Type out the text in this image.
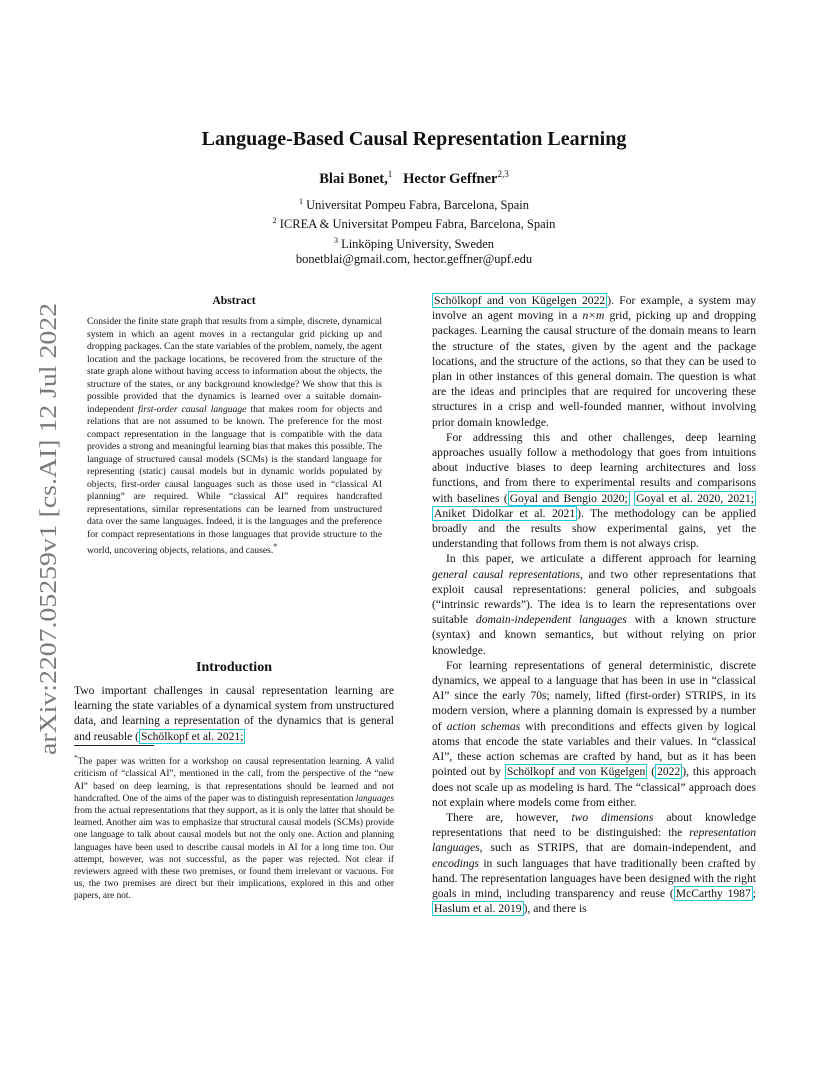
arXiv:2207.05259v1 [cs.AI] 12 Jul 2022
Language-Based Causal Representation Learning
Blai Bonet,$^1$ Hector Geffner$^{2,3}$
$^1$ Universitat Pompeu Fabra, Barcelona, Spain
$^2$ ICREA & Universitat Pompeu Fabra, Barcelona, Spain
$^3$ Linköping University, Sweden
bonetblai@gmail.com, hector.geffner@upf.edu
Abstract
Consider the finite state graph that results from a simple, discrete, dynamical system in which an agent moves in a rectangular grid picking up and dropping packages. Can the state variables of the problem, namely, the agent location and the package locations, be recovered from the structure of the state graph alone without having access to information about the objects, the structure of the states, or any background knowledge? We show that this is possible provided that the dynamics is learned over a suitable domain-independent first-order causal language that makes room for objects and relations that are not assumed to be known. The preference for the most compact representation in the language that is compatible with the data provides a strong and meaningful learning bias that makes this possible. The language of structured causal models (SCMs) is the standard language for representing (static) causal models but in dynamic worlds populated by objects, first-order causal languages such as those used in “classical AI planning” are required. While “classical AI” requires handcrafted representations, similar representations can be learned from unstructured data over the same languages. Indeed, it is the languages and the preference for compact representations in those languages that provide structure to the world, uncovering objects, relations, and causes.*
Introduction
Two important challenges in causal representation learning are learning the state variables of a dynamical system from unstructured data, and learning a representation of the dynamics that is general and reusable ( Schölkopf et al. 2021;
*The paper was written for a workshop on causal representation learning. A valid criticism of “classical AI”, mentioned in the call, from the perspective of the “new AI” based on deep learning, is that representations should be learned and not handcrafted. One of the aims of the paper was to distinguish representation languages from the actual representations that they support, as it is only the latter that should be learned. Another aim was to emphasize that structural causal models (SCMs) provide one language to talk about causal models but not the only one. Action and planning languages have been used to describe causal models in AI for a long time too. Our attempt, however, was not successful, as the paper was rejected. Not clear if reviewers agreed with these two premises, or found them irrelevant or vacuous. For us, the two premises are direct but their implications, explored in this and other papers, are not.

Schölkopf and von Kügelgen 2022 ). For example, a system may involve an agent moving in a n×m grid, picking up and dropping packages. Learning the causal structure of the domain means to learn the structure of the states, given by the agent and the package locations, and the structure of the actions, so that they can be used to plan in other instances of this general domain. The question is what are the ideas and principles that are required for uncovering these structures in a crisp and well-founded manner, without involving prior domain knowledge.

For addressing this and other challenges, deep learning approaches usually follow a methodology that goes from intuitions about inductive biases to deep learning architectures and loss functions, and from there to experimental results and comparisons with baselines ( Goyal and Bengio 2020; Goyal et al. 2020, 2021; Aniket Didolkar et al. 2021 ). The methodology can be applied broadly and the results show experimental gains, yet the understanding that follows from them is not always crisp.

In this paper, we articulate a different approach for learning general causal representations, and two other representations that exploit causal representations: general policies, and subgoals (“intrinsic rewards”). The idea is to learn the representations over suitable domain-independent languages with a known structure (syntax) and known semantics, but without relying on prior knowledge.

For learning representations of general deterministic, discrete dynamics, we appeal to a language that has been in use in “classical AI” since the early 70s; namely, lifted (first-order) STRIPS, in its modern version, where a planning domain is expressed by a number of action schemas with preconditions and effects given by logical atoms that encode the state variables and their values. In “classical AI”, these action schemas are crafted by hand, but as it has been pointed out by Schölkopf and von Kügelgen ( 2022 ), this approach does not scale up as modeling is hard. The “classical” approach does not explain where models come from either.

There are, however, two dimensions about knowledge representations that need to be distinguished: the representation languages, such as STRIPS, that are domain-independent, and encodings in such languages that have traditionally been crafted by hand. The representation languages have been designed with the right goals in mind, including transparency and reuse ( McCarthy 1987 ; Haslum et al. 2019 ), and there is
